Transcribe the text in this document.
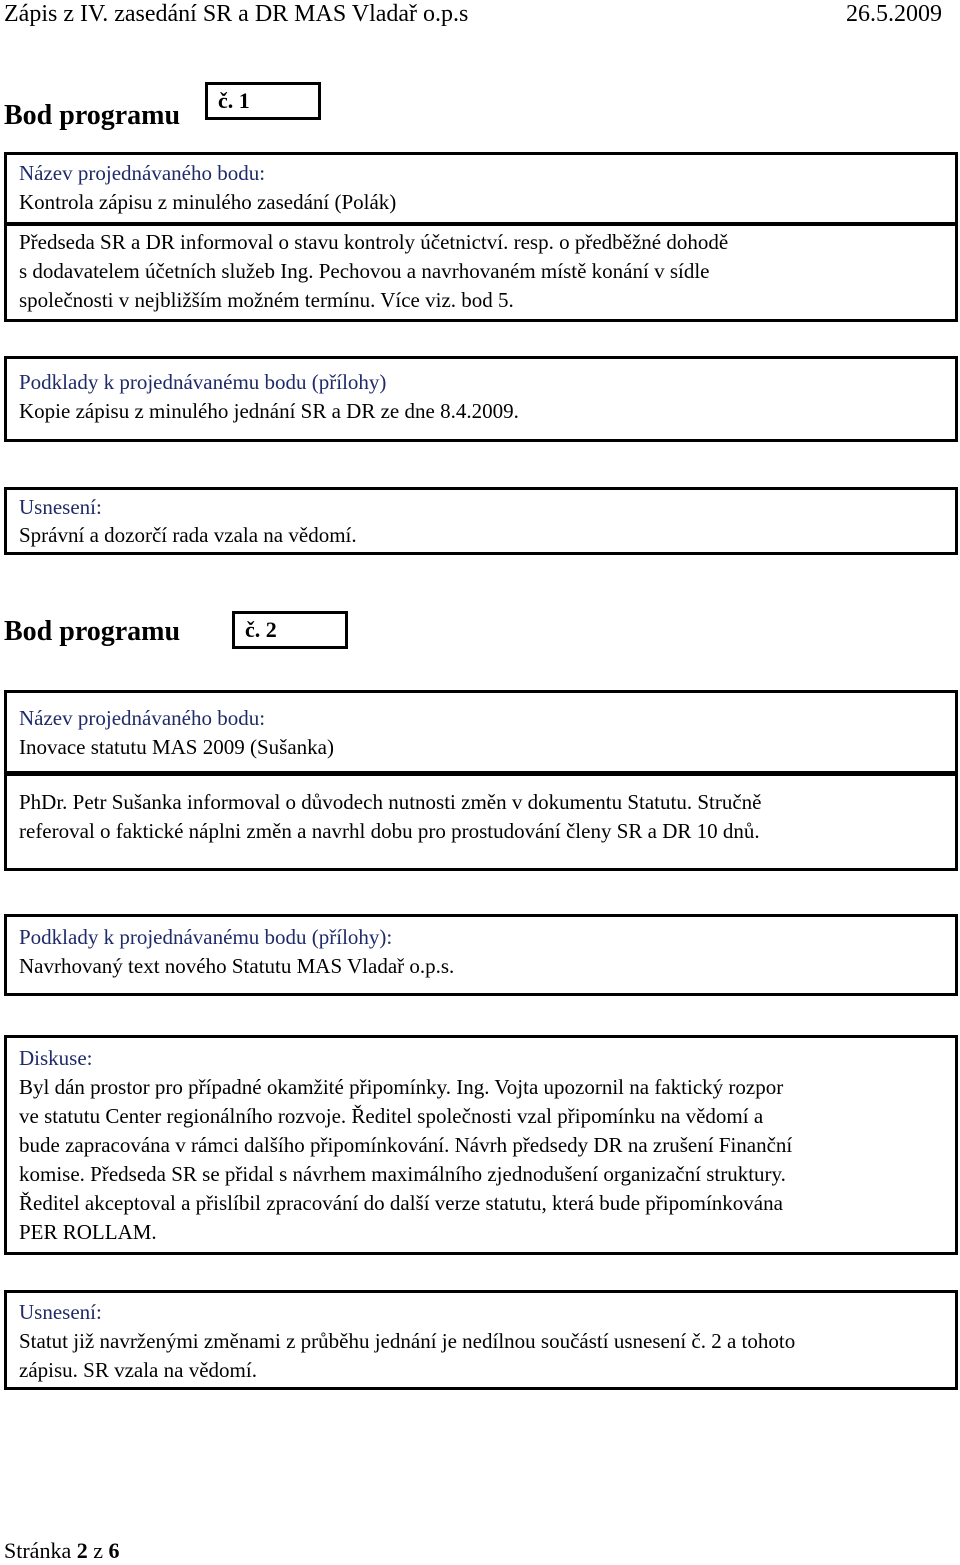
Zápis z IV. zasedání SR a DR MAS Vladař o.p.s	26.5.2009
Bod programu č. 1
Název projednávaného bodu:
Kontrola zápisu z minulého zasedání (Polák)
Předseda SR a DR informoval o stavu kontroly účetnictví. resp. o předběžné dohodě
s dodavatelem účetních služeb Ing. Pechovou a navrhovaném místě konání v sídle
společnosti v nejbližším možném termínu. Více viz. bod 5.
Podklady k projednávanému bodu (přílohy)
Kopie zápisu z minulého jednání SR a DR ze dne 8.4.2009.
Usnesení:
Správní a dozorčí rada vzala na vědomí.
Bod programu	č. 2
Název projednávaného bodu:
Inovace statutu MAS 2009 (Sušanka)
PhDr. Petr Sušanka informoval o důvodech nutnosti změn v dokumentu Statutu. Stručně
referoval o faktické náplni změn a navrhl dobu pro prostudování členy SR a DR 10 dnů.
Podklady k projednávanému bodu (přílohy):
Navrhovaný text nového Statutu MAS Vladař o.p.s.
Diskuse:
Byl dán prostor pro případné okamžité připomínky. Ing. Vojta upozornil na faktický rozpor
ve statutu Center regionálního rozvoje. Ředitel společnosti vzal připomínku na vědomí a
bude zapracována v rámci dalšího připomínkování. Návrh předsedy DR na zrušení Finanční
komise. Předseda SR se přidal s návrhem maximálního zjednodušení organizační struktury.
Ředitel akceptoval a přislíbil zpracování do další verze statutu, která bude připomínkována
PER ROLLAM.
Usnesení:
Statut již navrženými změnami z průběhu jednání je nedílnou součástí usnesení č. 2 a tohoto
zápisu. SR vzala na vědomí.
Stránka 2 z 6
